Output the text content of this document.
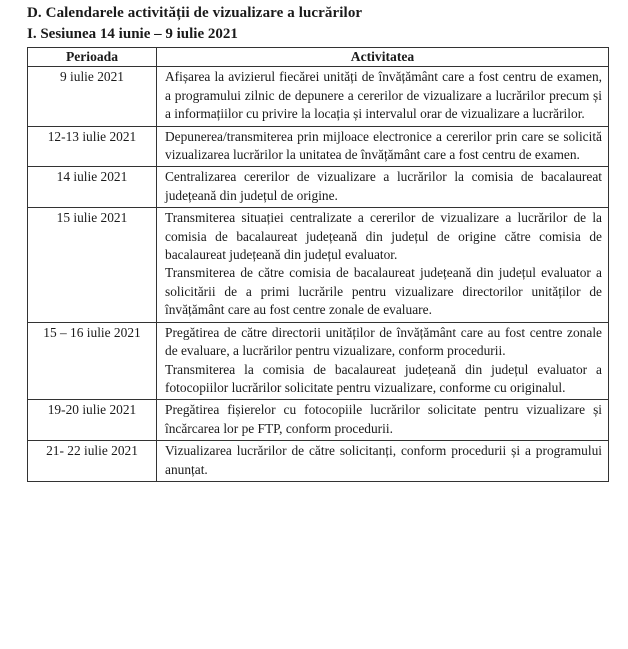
D. Calendarele activității de vizualizare a lucrărilor
I. Sesiunea 14 iunie – 9 iulie 2021
Perioada	Activitatea
9 iulie 2021	Afișarea la avizierul fiecărei unități de învățământ care a fost centru de examen, a programului zilnic de depunere a cererilor de vizualizare a lucrărilor precum și a informațiilor cu privire la locația și intervalul orar de vizualizare a lucrărilor.

12-13 iulie 2021	Depunerea/transmiterea prin mijloace electronice a cererilor prin care se solicită vizualizarea lucrărilor la unitatea de învățământ care a fost centru de examen.

14 iulie 2021	Centralizarea cererilor de vizualizare a lucrărilor la comisia de bacalaureat județeană din județul de origine.

15 iulie 2021	Transmiterea situației centralizate a cererilor de vizualizare a lucrărilor de la comisia de bacalaureat județeană din județul de origine către comisia de bacalaureat județeană din județul evaluator.

Transmiterea de către comisia de bacalaureat județeană din județul evaluator a solicitării de a primi lucrările pentru vizualizare directorilor unităților de învățământ care au fost centre zonale de evaluare.

15 – 16 iulie 2021	Pregătirea de către directorii unităților de învățământ care au fost centre zonale de evaluare, a lucrărilor pentru vizualizare, conform procedurii.

Transmiterea la comisia de bacalaureat județeană din județul evaluator a fotocopiilor lucrărilor solicitate pentru vizualizare, conforme cu originalul.

19-20 iulie 2021	Pregătirea fișierelor cu fotocopiile lucrărilor solicitate pentru vizualizare și încărcarea lor pe FTP, conform procedurii.

21- 22 iulie 2021	Vizualizarea lucrărilor de către solicitanți, conform procedurii și a programului anunțat.
